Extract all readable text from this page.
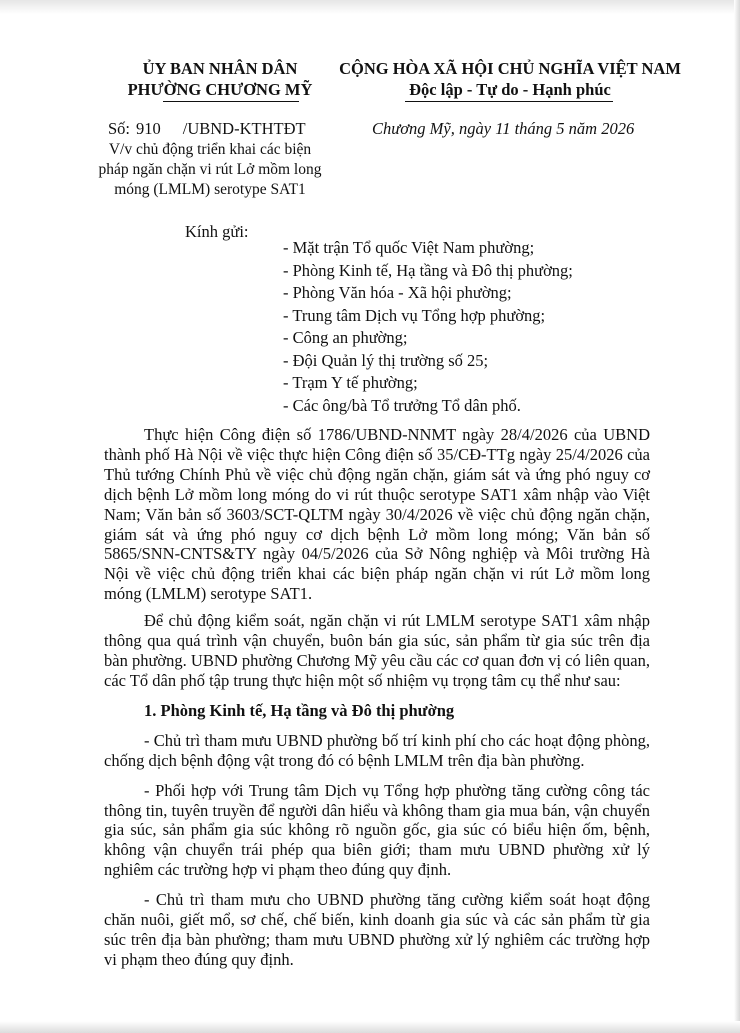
ỦY BAN NHÂN DÂN
PHƯỜNG CHƯƠNG MỸ
CỘNG HÒA XÃ HỘI CHỦ NGHĨA VIỆT NAM
Độc lập - Tự do - Hạnh phúc
Số: 910 /UBND-KTHTĐT	Chương Mỹ, ngày 11 tháng 5 năm 2026
V/v chủ động triển khai các biện
pháp ngăn chặn vi rút Lở mồm long
móng (LMLM) serotype SAT1
Kính gửi:
- Mặt trận Tổ quốc Việt Nam phường;
- Phòng Kinh tế, Hạ tầng và Đô thị phường;
- Phòng Văn hóa - Xã hội phường;
- Trung tâm Dịch vụ Tổng hợp phường;
- Công an phường;
- Đội Quản lý thị trường số 25;
- Trạm Y tế phường;
- Các ông/bà Tổ trưởng Tổ dân phố.

Thực hiện Công điện số 1786/UBND-NNMT ngày 28/4/2026 của UBND thành phố Hà Nội về việc thực hiện Công điện số 35/CĐ-TTg ngày 25/4/2026 của Thủ tướng Chính Phủ về việc chủ động ngăn chặn, giám sát và ứng phó nguy cơ dịch bệnh Lở mồm long móng do vi rút thuộc serotype SAT1 xâm nhập vào Việt Nam; Văn bản số 3603/SCT-QLTM ngày 30/4/2026 về việc chủ động ngăn chặn, giám sát và ứng phó nguy cơ dịch bệnh Lở mồm long móng; Văn bản số 5865/SNN-CNTS&TY ngày 04/5/2026 của Sở Nông nghiệp và Môi trường Hà Nội về việc chủ động triển khai các biện pháp ngăn chặn vi rút Lở mồm long móng (LMLM) serotype SAT1.

Để chủ động kiểm soát, ngăn chặn vi rút LMLM serotype SAT1 xâm nhập thông qua quá trình vận chuyển, buôn bán gia súc, sản phẩm từ gia súc trên địa bàn phường. UBND phường Chương Mỹ yêu cầu các cơ quan đơn vị có liên quan, các Tổ dân phố tập trung thực hiện một số nhiệm vụ trọng tâm cụ thể như sau:

1. Phòng Kinh tế, Hạ tầng và Đô thị phường

- Chủ trì tham mưu UBND phường bố trí kinh phí cho các hoạt động phòng, chống dịch bệnh động vật trong đó có bệnh LMLM trên địa bàn phường.

- Phối hợp với Trung tâm Dịch vụ Tổng hợp phường tăng cường công tác thông tin, tuyên truyền để người dân hiểu và không tham gia mua bán, vận chuyển gia súc, sản phẩm gia súc không rõ nguồn gốc, gia súc có biểu hiện ốm, bệnh, không vận chuyển trái phép qua biên giới; tham mưu UBND phường xử lý nghiêm các trường hợp vi phạm theo đúng quy định.

- Chủ trì tham mưu cho UBND phường tăng cường kiểm soát hoạt động chăn nuôi, giết mổ, sơ chế, chế biến, kinh doanh gia súc và các sản phẩm từ gia súc trên địa bàn phường; tham mưu UBND phường xử lý nghiêm các trường hợp vi phạm theo đúng quy định.
